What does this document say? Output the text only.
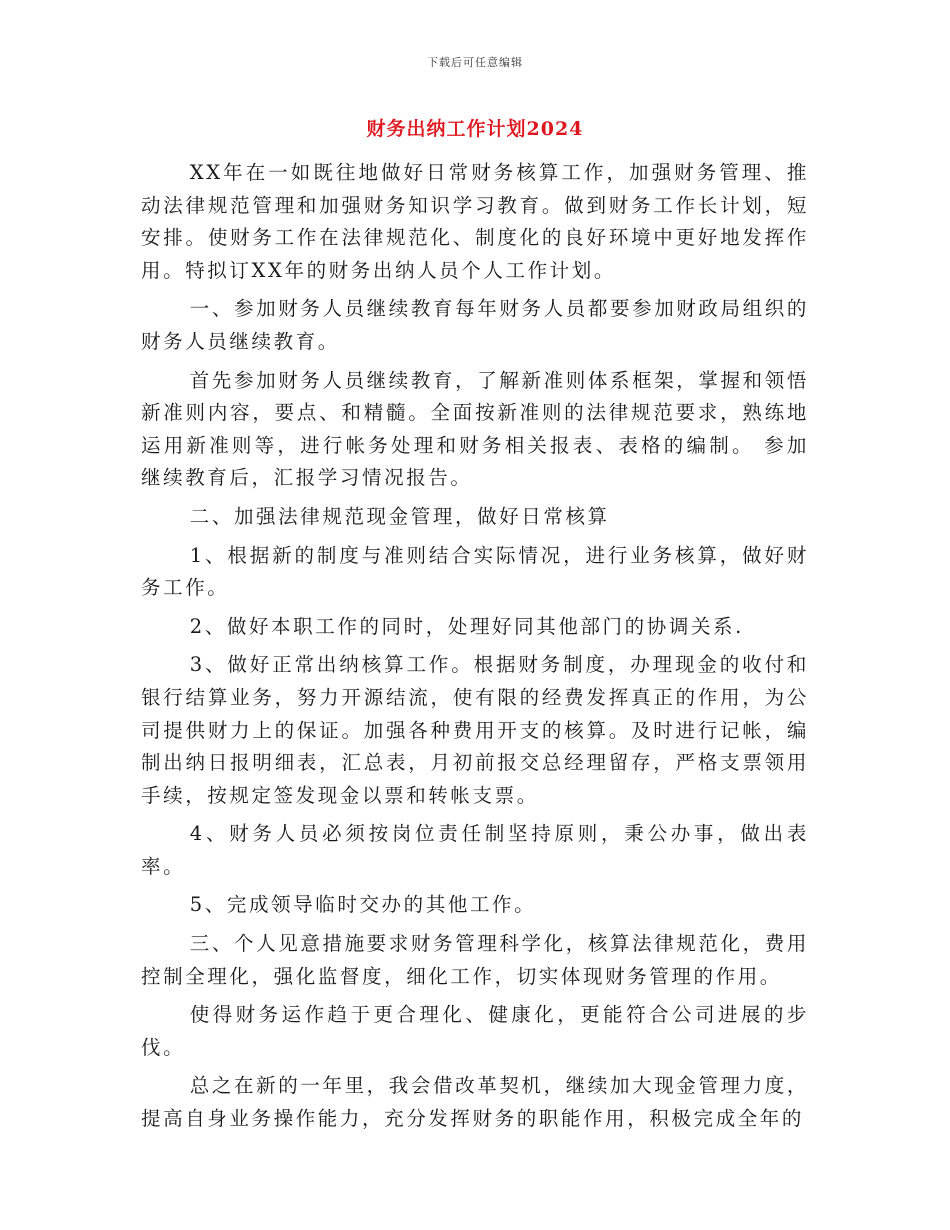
下载后可任意编辑
财务出纳工作计划2024

XX年在一如既往地做好日常财务核算工作，加强财务管理、推动法律规范管理和加强财务知识学习教育。做到财务工作长计划，短安排。使财务工作在法律规范化、制度化的良好环境中更好地发挥作用。特拟订XX年的财务出纳人员个人工作计划。

一、参加财务人员继续教育每年财务人员都要参加财政局组织的财务人员继续教育。

首先参加财务人员继续教育，了解新准则体系框架，掌握和领悟新准则内容，要点、和精髓。全面按新准则的法律规范要求，熟练地运用新准则等，进行帐务处理和财务相关报表、表格的编制。 参加继续教育后，汇报学习情况报告。

二、加强法律规范现金管理，做好日常核算

1、根据新的制度与准则结合实际情况，进行业务核算，做好财务工作。

2、做好本职工作的同时，处理好同其他部门的协调关系.

3、做好正常出纳核算工作。根据财务制度，办理现金的收付和银行结算业务，努力开源结流，使有限的经费发挥真正的作用，为公司提供财力上的保证。加强各种费用开支的核算。及时进行记帐，编制出纳日报明细表，汇总表，月初前报交总经理留存，严格支票领用手续，按规定签发现金以票和转帐支票。

4、财务人员必须按岗位责任制坚持原则，秉公办事，做出表率。

5、完成领导临时交办的其他工作。

三、个人见意措施要求财务管理科学化，核算法律规范化，费用控制全理化，强化监督度，细化工作，切实体现财务管理的作用。

使得财务运作趋于更合理化、健康化，更能符合公司进展的步伐。

总之在新的一年里，我会借改革契机，继续加大现金管理力度，提高自身业务操作能力，充分发挥财务的职能作用，积极完成全年的
